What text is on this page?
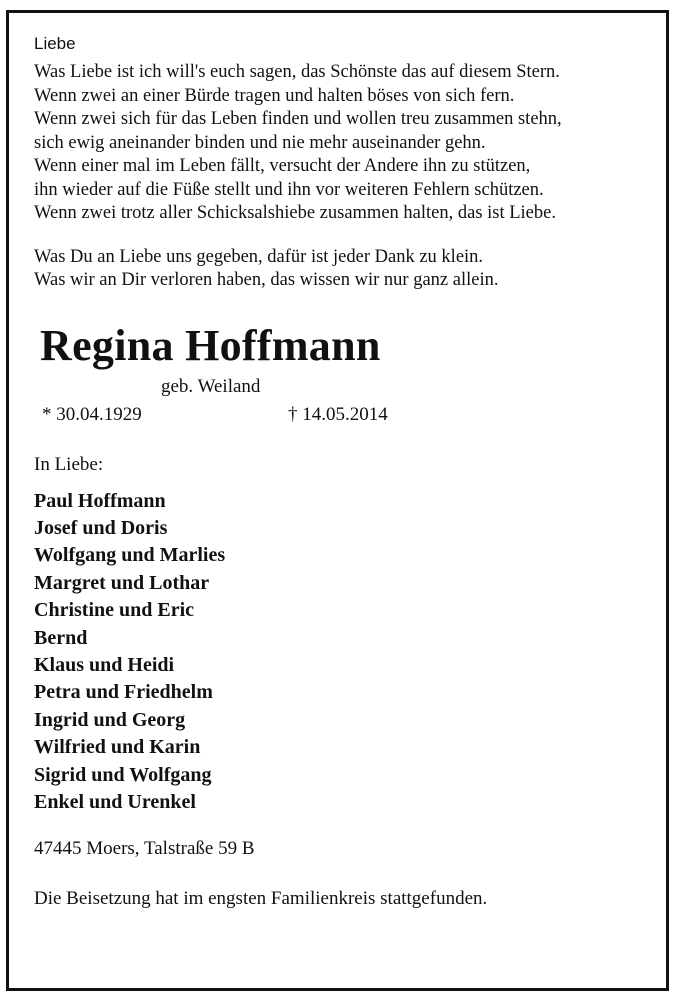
Liebe
Was Liebe ist ich will's euch sagen, das Schönste das auf diesem Stern.
Wenn zwei an einer Bürde tragen und halten böses von sich fern.
Wenn zwei sich für das Leben finden und wollen treu zusammen stehn,
sich ewig aneinander binden und nie mehr auseinander gehn.
Wenn einer mal im Leben fällt, versucht der Andere ihn zu stützen,
ihn wieder auf die Füße stellt und ihn vor weiteren Fehlern schützen.
Wenn zwei trotz aller Schicksalshiebe zusammen halten, das ist Liebe.
Was Du an Liebe uns gegeben, dafür ist jeder Dank zu klein.
Was wir an Dir verloren haben, das wissen wir nur ganz allein.
Regina Hoffmann
geb. Weiland
* 30.04.1929	† 14.05.2014
In Liebe:
Paul Hoffmann
Josef und Doris
Wolfgang und Marlies
Margret und Lothar
Christine und Eric
Bernd
Klaus und Heidi
Petra und Friedhelm
Ingrid und Georg
Wilfried und Karin
Sigrid und Wolfgang
Enkel und Urenkel
47445 Moers, Talstraße 59 B
Die Beisetzung hat im engsten Familienkreis stattgefunden.
